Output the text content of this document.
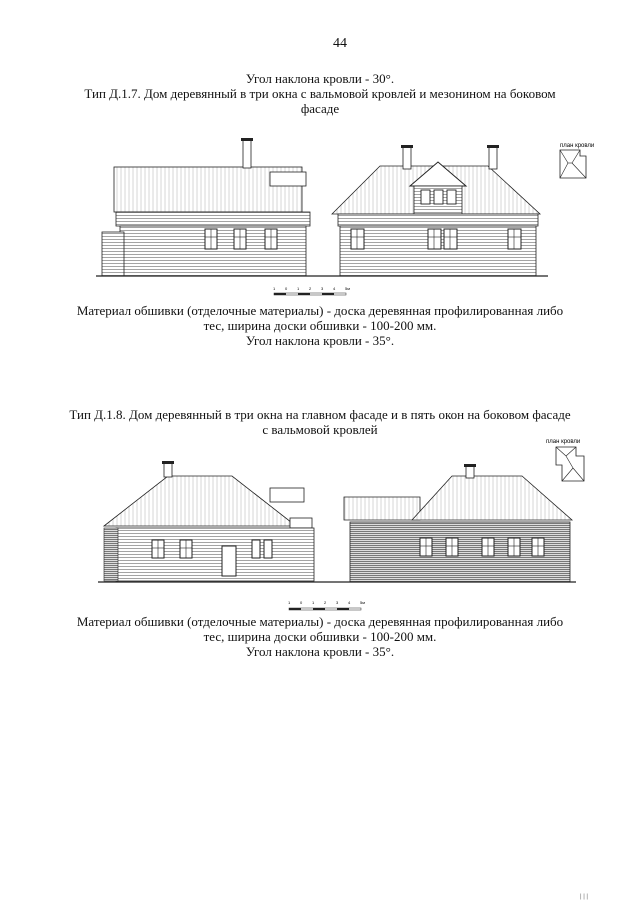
44
Угол наклона кровли - 30°.
Тип Д.1.7. Дом деревянный в три окна с вальмовой кровлей и мезонином на боковом
фасаде
план кровли
1 0 1 2 3 4 5м
Материал обшивки (отделочные материалы) - доска деревянная профилированная либо
тес, ширина доски обшивки - 100-200 мм.
Угол наклона кровли - 35°.
Тип Д.1.8. Дом деревянный в три окна на главном фасаде и в пять окон на боковом фасаде
с вальмовой кровлей
план кровли
1 0 1 2 3 4 5м
Материал обшивки (отделочные материалы) - доска деревянная профилированная либо
тес, ширина доски обшивки - 100-200 мм.
Угол наклона кровли - 35°.
| | |
